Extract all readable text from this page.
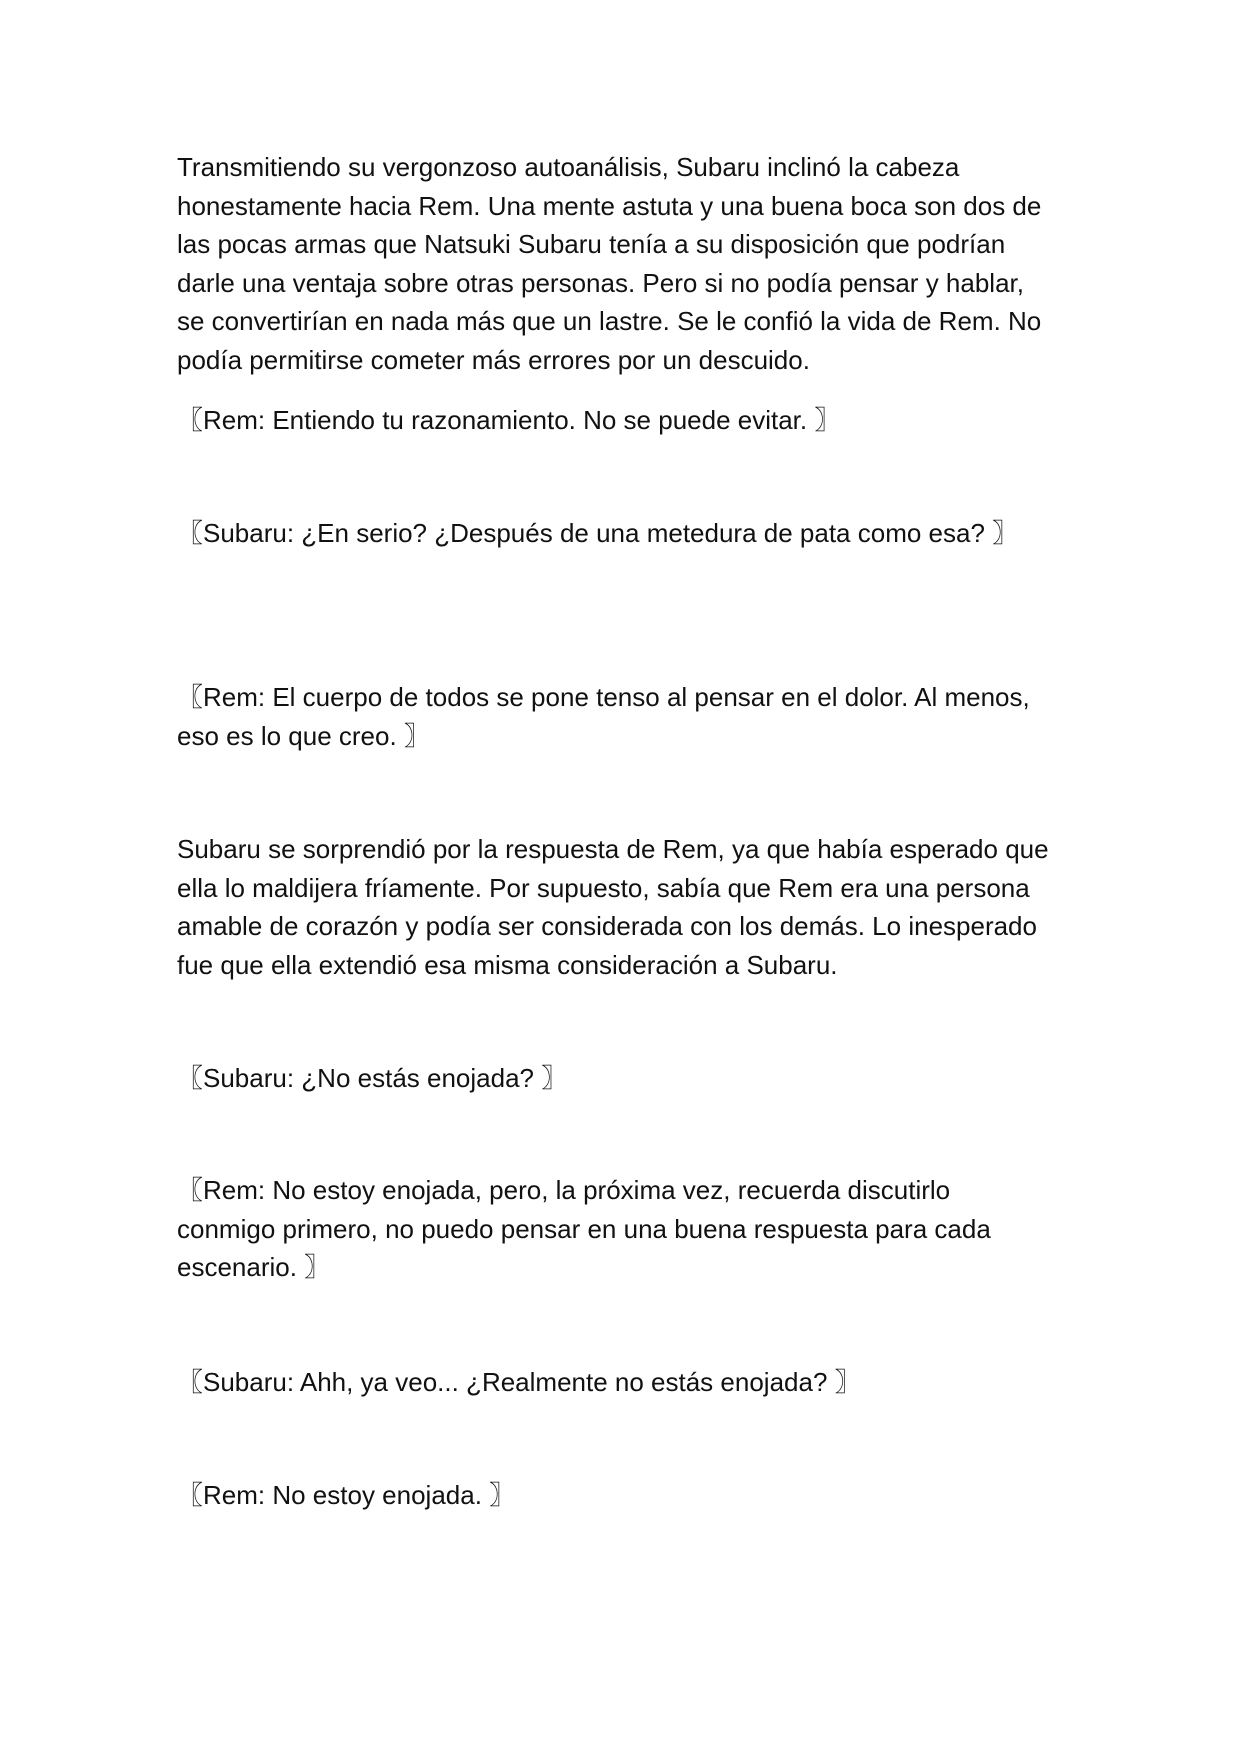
Transmitiendo su vergonzoso autoanálisis, Subaru inclinó la cabeza
honestamente hacia Rem. Una mente astuta y una buena boca son dos de
las pocas armas que Natsuki Subaru tenía a su disposición que podrían
darle una ventaja sobre otras personas. Pero si no podía pensar y hablar,
se convertirían en nada más que un lastre. Se le confió la vida de Rem. No
podía permitirse cometer más errores por un descuido.

〖Rem: Entiendo tu razonamiento. No se puede evitar. 〗

〖Subaru: ¿En serio? ¿Después de una metedura de pata como esa? 〗

〖Rem: El cuerpo de todos se pone tenso al pensar en el dolor. Al menos,
eso es lo que creo. 〗

Subaru se sorprendió por la respuesta de Rem, ya que había esperado que
ella lo maldijera fríamente. Por supuesto, sabía que Rem era una persona
amable de corazón y podía ser considerada con los demás. Lo inesperado
fue que ella extendió esa misma consideración a Subaru.

〖Subaru: ¿No estás enojada? 〗

〖Rem: No estoy enojada, pero, la próxima vez, recuerda discutirlo
conmigo primero, no puedo pensar en una buena respuesta para cada
escenario. 〗

〖Subaru: Ahh, ya veo... ¿Realmente no estás enojada? 〗

〖Rem: No estoy enojada. 〗
